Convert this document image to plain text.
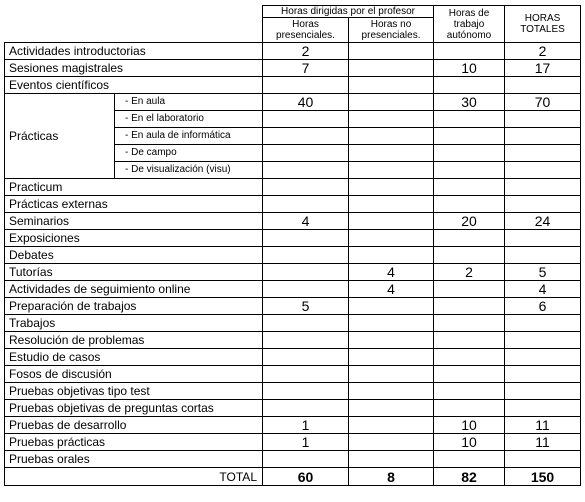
		Horas dirigidas por el profesor		Horas de trabajo autónomo	HORAS TOTALES
		Horas presenciales.	Horas no presenciales.		
Actividades introductorias		2			2
Sesiones magistrales		7		10	17
Eventos científicos					
Prácticas	- En aula	40		30	70
	- En el laboratorio				
	- En aula de informática				
	- De campo				
	- De visualización (visu)				
Practicum					
Prácticas externas					
Seminarios		4		20	24
Exposiciones					
Debates					
Tutorías			4	2	5
Actividades de seguimiento online			4		4
Preparación de trabajos		5			6
Trabajos					
Resolución de problemas					
Estudio de casos					
Fosos de discusión					
Pruebas objetivas tipo test					
Pruebas objetivas de preguntas cortas					
Pruebas de desarrollo		1		10	11
Pruebas prácticas		1		10	11
Pruebas orales					
TOTAL		60	8	82	150
